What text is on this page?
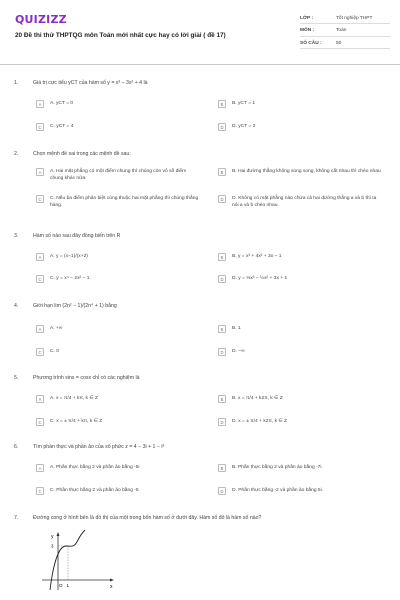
QUIZIZZ
20 Đề thi thử THPTQG môn Toán mới nhất cực hay có lời giải ( đề 17)
LỚP :	Tốt nghiệp THPT
MÔN :	Toán
SỐ CÂU :	50
1.	Giá trị cực tiểu yCT của hàm số y = x³ − 3x² + 4 là
A	A. yCT = 0	B	B. yCT = 1
C	C. yCT = 4	D	D. yCT = 2
2.	Chọn mệnh đề sai trong các mệnh đề sau:
A	A. Hai mặt phẳng có một điểm chung thì chúng còn vô số điểm chung khác nữa.
B	B. Hai đường thẳng không song song, không cắt nhau thì chéo nhau
C	C. Nếu ba điểm phân biệt cùng thuộc hai mặt phẳng thì chúng thẳng hàng.
D	D. Không có mặt phẳng nào chứa cả hai đường thẳng a và b thì ta nói a và b chéo nhau.
3.	Hàm số nào sau đây đồng biến trên R
A	A. y = (x−1)/(x+2)	B	B. y = x³ + 4x² + 3x − 1
C	C. y = x⁴ − 2x² − 1	D	D. y = ⅓x³ − ½x² + 3x + 1
4.	Giới hạn lim (2n² − 1)/(2n⁴ + 1) bằng
A	A. +∞	B	B. 1
C	C. 0	D	D. −∞
5.	Phương trình sinx = cosx chỉ có các nghiệm là
A	A. x = π/4 + kπ, k ∈ Z	B	B. x = π/4 + k2π, k ∈ Z
C	C. x = ± π/4 + kπ, k ∈ Z	D	D. x = ± π/4 + k2π, k ∈ Z
6.	Tìm phần thực và phần ảo của số phức z = 4 − 3i + 1 − i³
A	A. Phần thực bằng 2 và phần ảo bằng -5i	B	B. Phần thực bằng 2 và phần ảo bằng -7i.
C	C. Phần thực bằng 2 và phần ảo bằng -5	D	D. Phần thực bằng -2 và phần ảo bằng 5i.
7.	Đường cong ở hình bên là đồ thị của một trong bốn hàm số ở dưới đây. Hàm số đó là hàm số nào?
y
3
O 1	x
